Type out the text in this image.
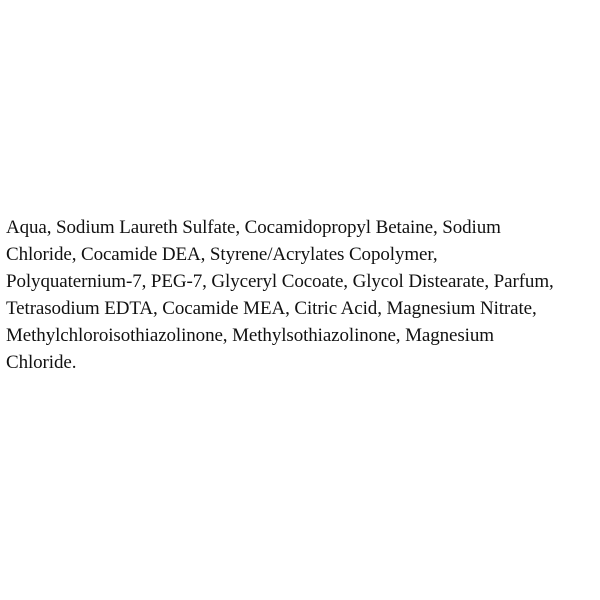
Aqua, Sodium Laureth Sulfate, Cocamidopropyl Betaine, Sodium
Chloride, Cocamide DEA, Styrene/Acrylates Copolymer,
Polyquaternium-7, PEG-7, Glyceryl Cocoate, Glycol Distearate, Parfum,
Tetrasodium EDTA, Cocamide MEA, Citric Acid, Magnesium Nitrate,
Methylchloroisothiazolinone, Methylsothiazolinone, Magnesium
Chloride.
